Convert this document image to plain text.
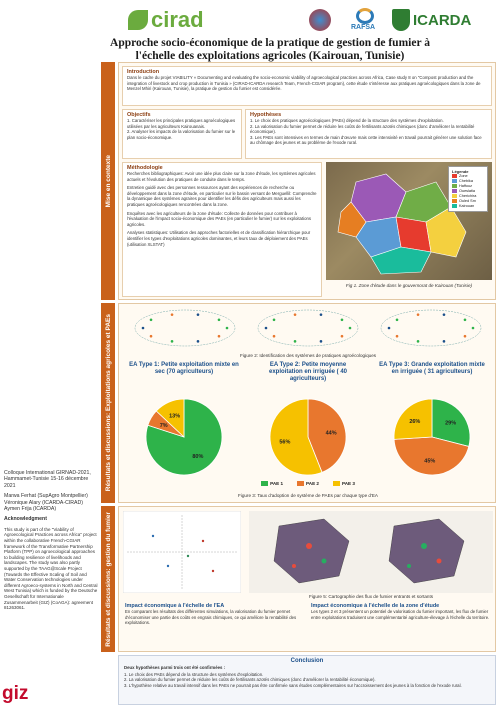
cirad	RAFSA	ICARDA
Approche socio-économique de la pratique de gestion de fumier à l'échelle des exploitations agricoles (Kairouan, Tunisie)

Colloque International GIRNAD-2021, Hammamet-Tunisie 15-16 décembre 2021

Marwa Ferhat (SupAgro Montpellier)

Véronique Alary (ICARDA-CIRAD)

Aymen Frija (ICARDA)

Acknowledgment

This study is part of the "Viability of Agroecological Practices across Africa" project within the collaborative French-CGIAR framework of the Transformative Partnership Platform (TPP) on agroecological approaches to building resilience of livelihoods and landscapes. The study was also partly supported by the TAAG@Scale Project (Towards the Effective Scaling of Soil and Water Conservation technologies under different Agroeco-systems in North and Central West Tunisia) which is funded by the Deutsche Gesellschaft für Internationale Zusammenarbeit (GIZ) (CoAGA): agreement 81263061.

giz
Mise en contexte
Introduction
Dans le cadre du projet VIABILITY « Documenting and evaluating the socio-economic viability of agroecological practices across Africa, Case study 8 on "Compost production and the integration of livestock and crop production in Tunisia » (CIRAD-ICARDA research Team, French-CGIAR program), cette étude s'intéresse aux pratiques agroécologiques dans la zone de Menzel Mhiri (Kairouan, Tunisie), la pratique de gestion du fumier est considérée.
Objectifs
1. Caractériser les principales pratiques agroécologiques utilisées par les agriculteurs Kairouanais.
2. Analyser les impacts de la valorisation du fumier sur le plan socio-économique.
Hypothèses
1. Le choix des pratiques agroécologiques (PAEs) dépend de la structure des systèmes d'exploitation.
2. La valorisation du fumier permet de réduire les coûts de fertilisants azotés chimiques (donc d'améliorer la rentabilité économique).
3. Les PAEs sont intensives en termes de main d'œuvre mais cette intensivité en travail pourrait générer une solution face au chômage des jeunes et au problème de l'exode rural.
Méthodologie
Recherches bibliographiques: Avoir une idée plus claire sur la zone d'étude, les systèmes agricoles actuels et l'évolution des pratiques de conduite dans le temps.
Entretien guidé avec des personnes ressources ayant des expériences de recherche ou développement dans la zone d'étude, en particulier sur le bassin versant de Merguellil: Comprendre la dynamique des systèmes agraires pour identifier les défis des agriculteurs mais aussi les pratiques agroécologiques rencontrées dans la zone.
Enquêtes avec les agriculteurs de la zone d'étude: Collecte de données pour contribuer à l'évaluation de l'impact socio-économique des PAEs (en particulier le fumier) sur les exploitations agricoles.
Analyses statistiques: Utilisation des approches factorielles et de classification hiérarchique pour identifier les types d'exploitations agricoles dominantes, et leurs taux de déploiement des PAEs (utilisation XLSTAT)
Légende
Zone
Chebika
Haffouz
Oueslatia
Cherichira
Ouled Sm
Kairouan
Fig 1. Zone d'étude dans le gouvernorat de Kairouan (Tunisie)
Résultats et discussions: Exploitations agricoles et PAEs	Figure 2: Identification des systèmes de pratiques agroécologiques
EA Type 1: Petite exploitation mixte en sec (70 agriculteurs)
EA Type 2: Petite moyenne exploitation en irriguée ( 40 agriculteurs)
EA Type 3: Grande exploitation mixte en irriguée ( 31 agriculteurs)
80%
7%
13%
44%
56%
29%
45%
26%
PAE 1	PAE 2	PAE 3
Figure 3: Taux d'adoption de système de PAEs par chaque type d'EA
Résultats et discussions: gestion du fumier	Figure 5: Cartographie des flux de fumier entrants et sortants
Impact économique à l'échelle de l'EA
En comparant les résultats des différentes simulations, la valorisation du fumier permet d'économiser une partie des coûts en engrais chimiques, ce qui améliore la rentabilité des exploitations.
Impact économique à l'échelle de la zone d'étude
Les types 2 et 3 présentent un potentiel de valorisation du fumier important, les flux de fumier entre exploitations traduisent une complémentarité agriculture-élevage à l'échelle du territoire.
Conclusion
Deux hypothèses parmi trois ont été confirmées :
1. Le choix des PAEs dépend de la structure des systèmes d'exploitation.
2. La valorisation du fumier permet de réduire les coûts de fertilisants azotés chimiques (donc d'améliorer la rentabilité économique).
3. L'hypothèse relative au travail intensif dans les PAEs ne pourrait pas être confirmée sans études complémentaires sur l'accroissement des jeunes à la fonction de l'exode rural.
